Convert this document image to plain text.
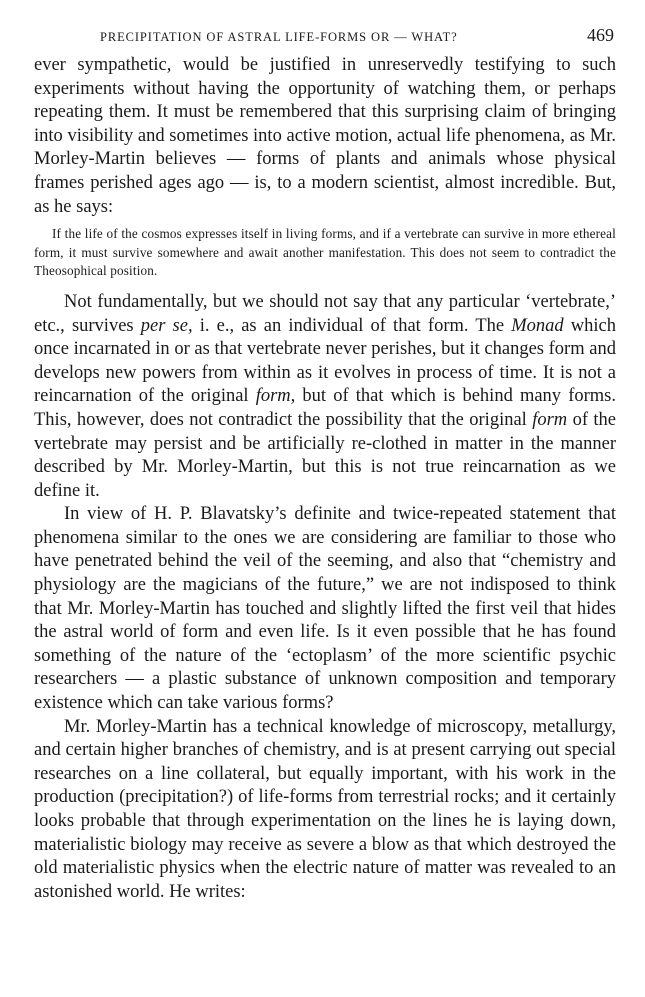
PRECIPITATION OF ASTRAL LIFE-FORMS OR — WHAT?	469

ever sympathetic, would be justified in unreservedly testifying to such experiments without having the opportunity of watching them, or perhaps repeating them. It must be remembered that this surprising claim of bringing into visibility and sometimes into active motion, actual life phenomena, as Mr. Morley-Martin believes — forms of plants and animals whose physical frames perished ages ago — is, to a modern scientist, almost incredible. But, as he says:

If the life of the cosmos expresses itself in living forms, and if a vertebrate can survive in more ethereal form, it must survive somewhere and await another manifestation. This does not seem to contradict the Theosophical position.

Not fundamentally, but we should not say that any particular ‘vertebrate,’ etc., survives per se, i. e., as an individual of that form. The Monad which once incarnated in or as that vertebrate never perishes, but it changes form and develops new powers from within as it evolves in process of time. It is not a reincarnation of the original form, but of that which is behind many forms. This, however, does not contradict the possibility that the original form of the vertebrate may persist and be artificially re-clothed in matter in the manner described by Mr. Morley-Martin, but this is not true reincarnation as we define it.

In view of H. P. Blavatsky’s definite and twice-repeated statement that phenomena similar to the ones we are considering are familiar to those who have penetrated behind the veil of the seeming, and also that “chemistry and physiology are the magicians of the future,” we are not indisposed to think that Mr. Morley-Martin has touched and slightly lifted the first veil that hides the astral world of form and even life. Is it even possible that he has found something of the nature of the ‘ectoplasm’ of the more scientific psychic researchers — a plastic substance of unknown composition and temporary existence which can take various forms?

Mr. Morley-Martin has a technical knowledge of microscopy, metallurgy, and certain higher branches of chemistry, and is at present carrying out special researches on a line collateral, but equally important, with his work in the production (precipitation?) of life-forms from terrestrial rocks; and it certainly looks probable that through experimentation on the lines he is laying down, materialistic biology may receive as severe a blow as that which destroyed the old materialistic physics when the electric nature of matter was revealed to an astonished world. He writes:
